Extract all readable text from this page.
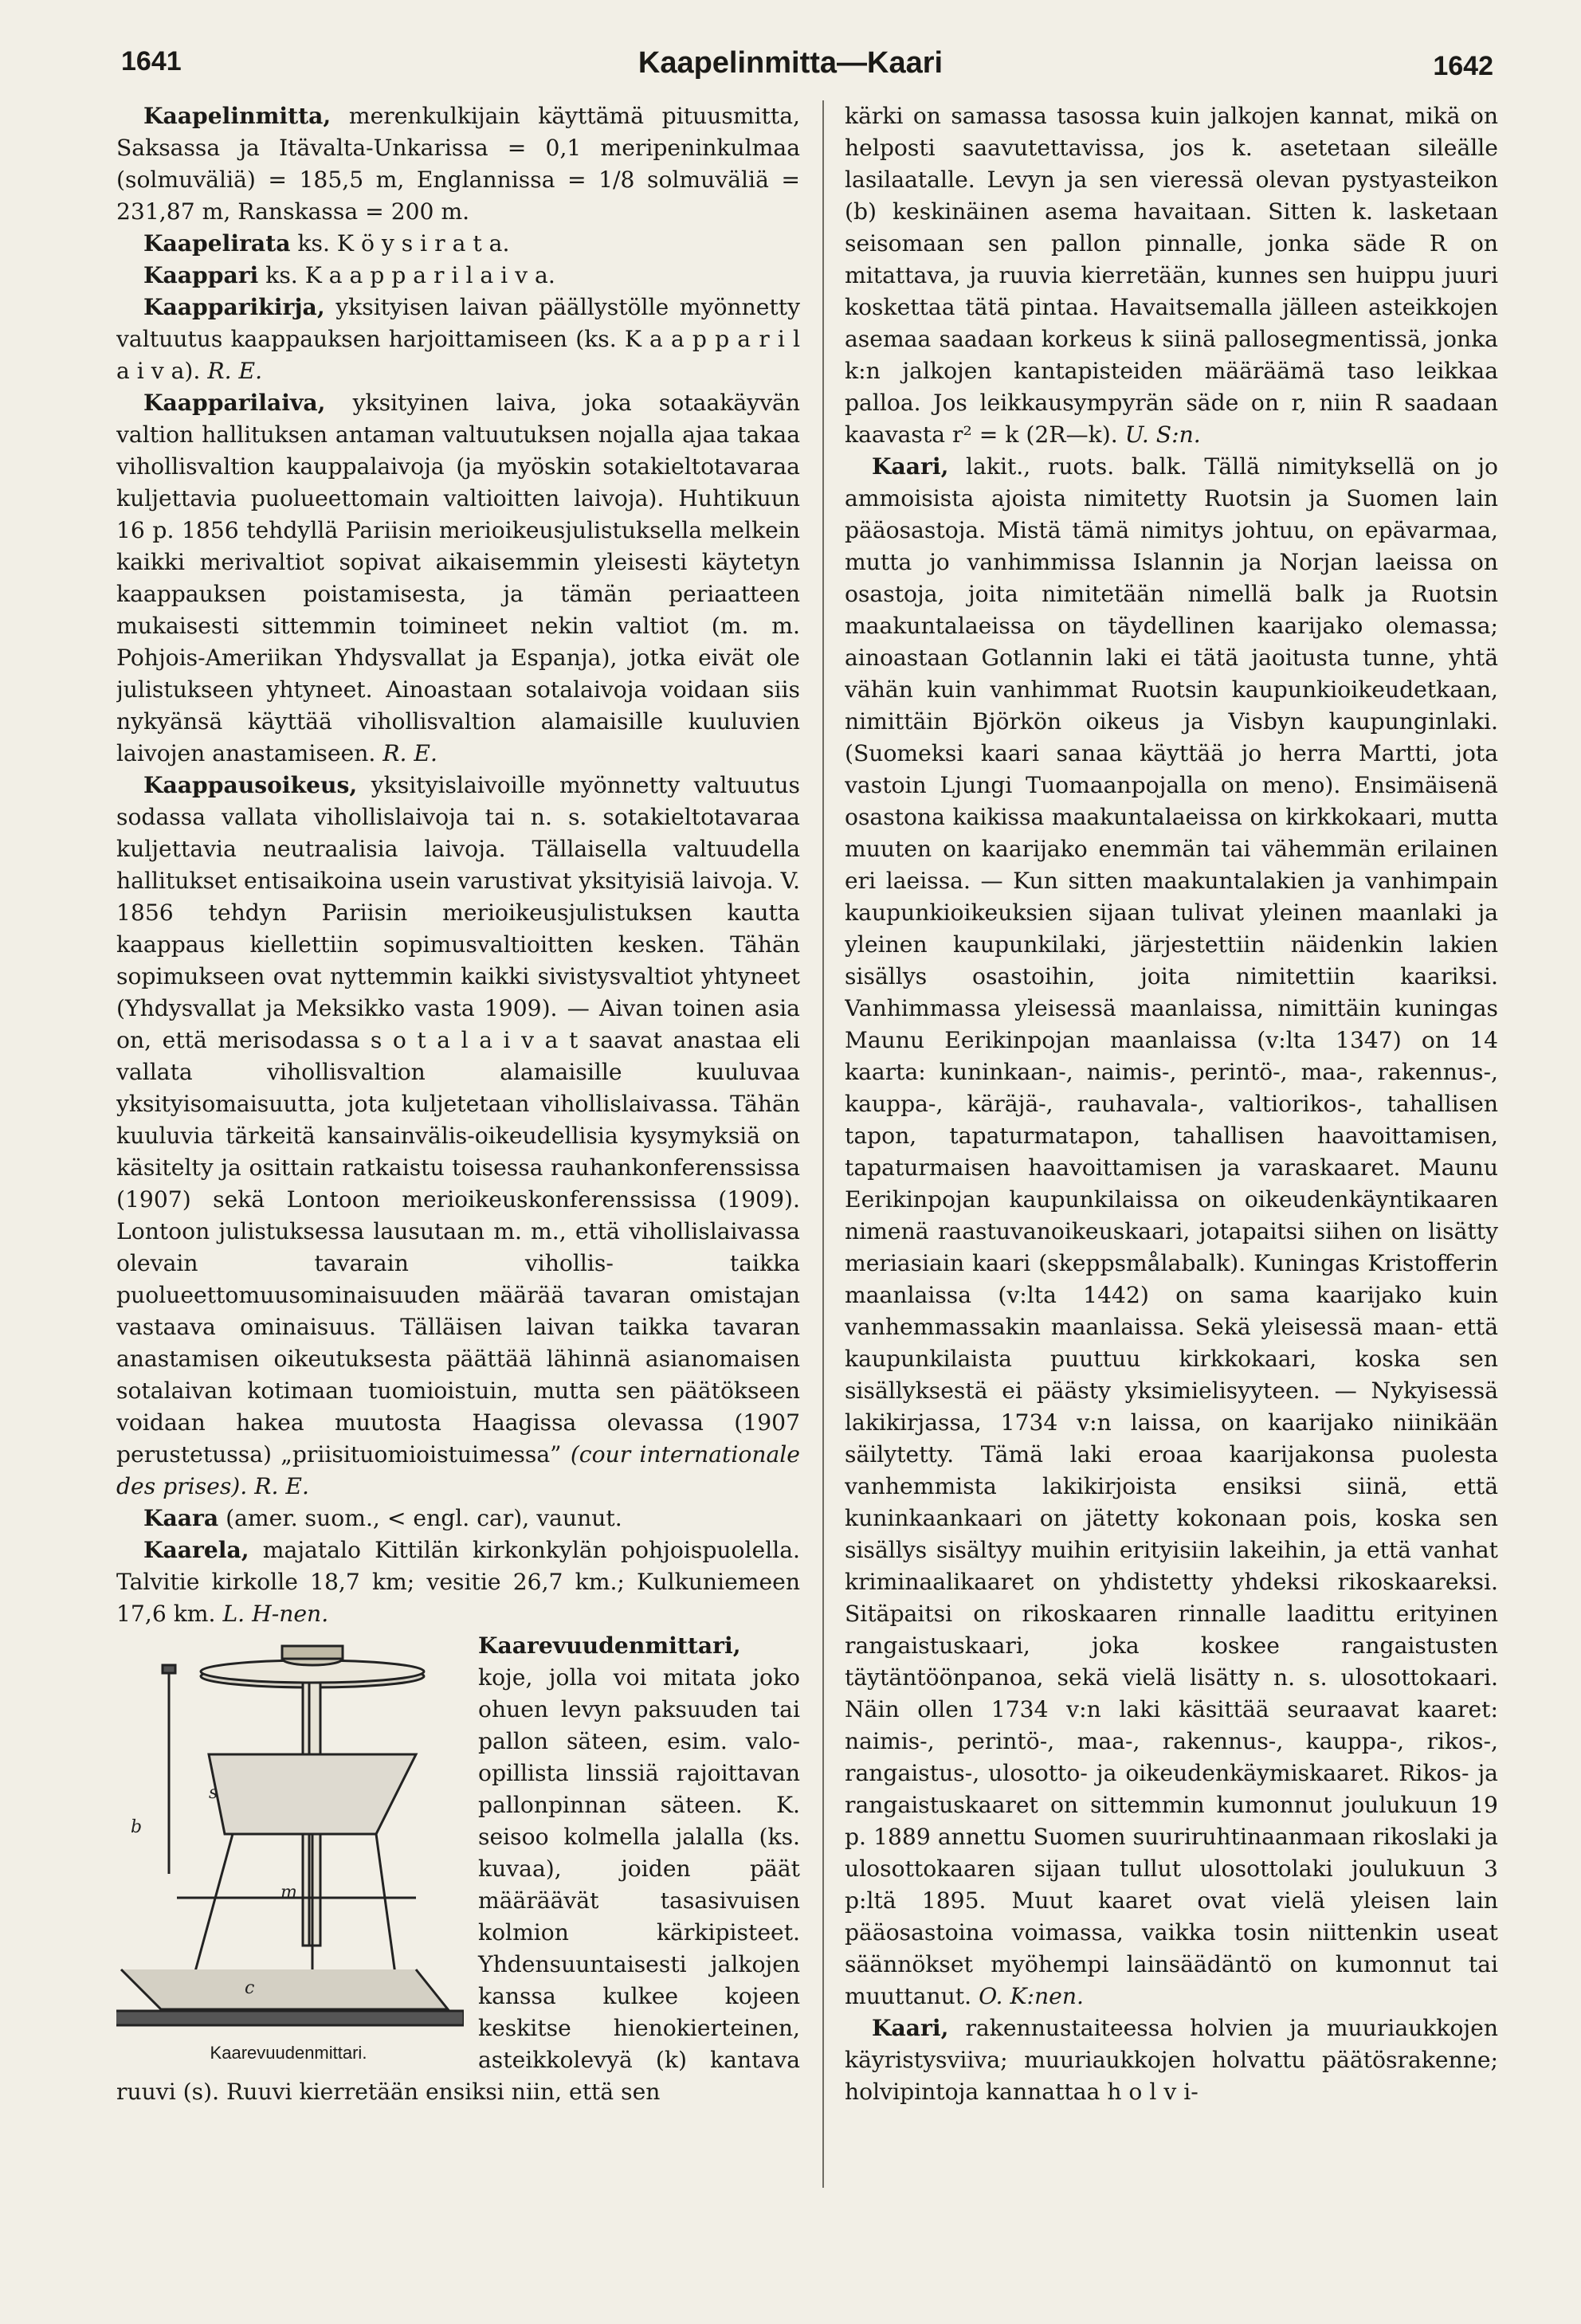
1641	Kaapelinmitta—Kaari	1642

Kaapelinmitta, merenkulkijain käyttämä pituusmitta, Saksassa ja Itävalta-Unkarissa = 0,1 meripeninkulmaa (solmuväliä) = 185,5 m, Englannissa = 1/8 solmuväliä = 231,87 m, Ranskassa = 200 m.

Kaapelirata ks. K ö y s i r a t a.

Kaappari ks. K a a p p a r i l a i v a.

Kaapparikirja, yksityisen laivan päällystölle myönnetty valtuutus kaappauksen harjoittamiseen (ks. K a a p p a r i l a i v a). R. E.

Kaapparilaiva, yksityinen laiva, joka sotaakäyvän valtion hallituksen antaman valtuutuksen nojalla ajaa takaa vihollisvaltion kauppalaivoja (ja myöskin sotakieltotavaraa kuljettavia puolueettomain valtioitten laivoja). Huhtikuun 16 p. 1856 tehdyllä Pariisin merioikeusjulistuksella melkein kaikki merivaltiot sopivat aikaisemmin yleisesti käytetyn kaappauksen poistamisesta, ja tämän periaatteen mukaisesti sittemmin toimineet nekin valtiot (m. m. Pohjois-Ameriikan Yhdysvallat ja Espanja), jotka eivät ole julistukseen yhtyneet. Ainoastaan sotalaivoja voidaan siis nykyänsä käyttää vihollisvaltion alamaisille kuuluvien laivojen anastamiseen. R. E.

Kaappausoikeus, yksityislaivoille myönnetty valtuutus sodassa vallata vihollislaivoja tai n. s. sotakieltotavaraa kuljettavia neutraalisia laivoja. Tällaisella valtuudella hallitukset entisaikoina usein varustivat yksityisiä laivoja. V. 1856 tehdyn Pariisin merioikeusjulistuksen kautta kaappaus kiellettiin sopimusvaltioitten kesken. Tähän sopimukseen ovat nyttemmin kaikki sivistysvaltiot yhtyneet (Yhdysvallat ja Meksikko vasta 1909). — Aivan toinen asia on, että merisodassa s o t a l a i v a t saavat anastaa eli vallata vihollisvaltion alamaisille kuuluvaa yksityisomaisuutta, jota kuljetetaan vihollislaivassa. Tähän kuuluvia tärkeitä kansainvälis-oikeudellisia kysymyksiä on käsitelty ja osittain ratkaistu toisessa rauhankonferenssissa (1907) sekä Lontoon merioikeuskonferenssissa (1909). Lontoon julistuksessa lausutaan m. m., että vihollislaivassa olevain tavarain vihollis- taikka puolueettomuusominaisuuden määrää tavaran omistajan vastaava ominaisuus. Tälläisen laivan taikka tavaran anastamisen oikeutuksesta päättää lähinnä asianomaisen sotalaivan kotimaan tuomioistuin, mutta sen päätökseen voidaan hakea muutosta Haagissa olevassa (1907 perustetussa) „priisituomioistuimessa” (cour internationale des prises). R. E.

Kaara (amer. suom., < engl. car), vaunut.

Kaarela, majatalo Kittilän kirkonkylän pohjoispuolella. Talvitie kirkolle 18,7 km; vesitie 26,7 km.; Kulkuniemeen 17,6 km. L. H-nen.

b
s
m
c
Kaarevuudenmittari.
Kaarevuudenmittari, koje, jolla voi mitata joko ohuen levyn paksuuden tai pallon säteen, esim. valo-opillista linssiä rajoittavan pallonpinnan säteen. K. seisoo kolmella jalalla (ks. kuvaa), joiden päät määräävät tasasivuisen kolmion kärkipisteet. Yhdensuuntaisesti jalkojen kanssa kulkee kojeen keskitse hienokierteinen, asteikkolevyä (k) kantava ruuvi (s). Ruuvi kierretään ensiksi niin, että sen

kärki on samassa tasossa kuin jalkojen kannat, mikä on helposti saavutettavissa, jos k. asetetaan sileälle lasilaatalle. Levyn ja sen vieressä olevan pystyasteikon (b) keskinäinen asema havaitaan. Sitten k. lasketaan seisomaan sen pallon pinnalle, jonka säde R on mitattava, ja ruuvia kierretään, kunnes sen huippu juuri koskettaa tätä pintaa. Havaitsemalla jälleen asteikkojen asemaa saadaan korkeus k siinä pallosegmentissä, jonka k:n jalkojen kantapisteiden määräämä taso leikkaa palloa. Jos leikkausympyrän säde on r, niin R saadaan kaavasta r² = k (2R—k). U. S:n.

Kaari, lakit., ruots. balk. Tällä nimityksellä on jo ammoisista ajoista nimitetty Ruotsin ja Suomen lain pääosastoja. Mistä tämä nimitys johtuu, on epävarmaa, mutta jo vanhimmissa Islannin ja Norjan laeissa on osastoja, joita nimitetään nimellä balk ja Ruotsin maakuntalaeissa on täydellinen kaarijako olemassa; ainoastaan Gotlannin laki ei tätä jaoitusta tunne, yhtä vähän kuin vanhimmat Ruotsin kaupunkioikeudetkaan, nimittäin Björkön oikeus ja Visbyn kaupunginlaki. (Suomeksi kaari sanaa käyttää jo herra Martti, jota vastoin Ljungi Tuomaanpojalla on meno). Ensimäisenä osastona kaikissa maakuntalaeissa on kirkkokaari, mutta muuten on kaarijako enemmän tai vähemmän erilainen eri laeissa. — Kun sitten maakuntalakien ja vanhimpain kaupunkioikeuksien sijaan tulivat yleinen maanlaki ja yleinen kaupunkilaki, järjestettiin näidenkin lakien sisällys osastoihin, joita nimitettiin kaariksi. Vanhimmassa yleisessä maanlaissa, nimittäin kuningas Maunu Eerikinpojan maanlaissa (v:lta 1347) on 14 kaarta: kuninkaan-, naimis-, perintö-, maa-, rakennus-, kauppa-, käräjä-, rauhavala-, valtiorikos-, tahallisen tapon, tapaturmatapon, tahallisen haavoittamisen, tapaturmaisen haavoittamisen ja varaskaaret. Maunu Eerikinpojan kaupunkilaissa on oikeudenkäyntikaaren nimenä raastuvanoikeuskaari, jotapaitsi siihen on lisätty meriasiain kaari (skeppsmålabalk). Kuningas Kristofferin maanlaissa (v:lta 1442) on sama kaarijako kuin vanhemmassakin maanlaissa. Sekä yleisessä maan- että kaupunkilaista puuttuu kirkkokaari, koska sen sisällyksestä ei päästy yksimielisyyteen. — Nykyisessä lakikirjassa, 1734 v:n laissa, on kaarijako niinikään säilytetty. Tämä laki eroaa kaarijakonsa puolesta vanhemmista lakikirjoista ensiksi siinä, että kuninkaankaari on jätetty kokonaan pois, koska sen sisällys sisältyy muihin erityisiin lakeihin, ja että vanhat kriminaalikaaret on yhdistetty yhdeksi rikoskaareksi. Sitäpaitsi on rikoskaaren rinnalle laadittu erityinen rangaistuskaari, joka koskee rangaistusten täytäntöönpanoa, sekä vielä lisätty n. s. ulosottokaari. Näin ollen 1734 v:n laki käsittää seuraavat kaaret: naimis-, perintö-, maa-, rakennus-, kauppa-, rikos-, rangaistus-, ulosotto- ja oikeudenkäymiskaaret. Rikos- ja rangaistuskaaret on sittemmin kumonnut joulukuun 19 p. 1889 annettu Suomen suuriruhtinaanmaan rikoslaki ja ulosottokaaren sijaan tullut ulosottolaki joulukuun 3 p:ltä 1895. Muut kaaret ovat vielä yleisen lain pääosastoina voimassa, vaikka tosin niittenkin useat säännökset myöhempi lainsäädäntö on kumonnut tai muuttanut. O. K:nen.

Kaari, rakennustaiteessa holvien ja muuriaukkojen käyristysviiva; muuriaukkojen holvattu päätösrakenne; holvipintoja kannattaa h o l v i-
